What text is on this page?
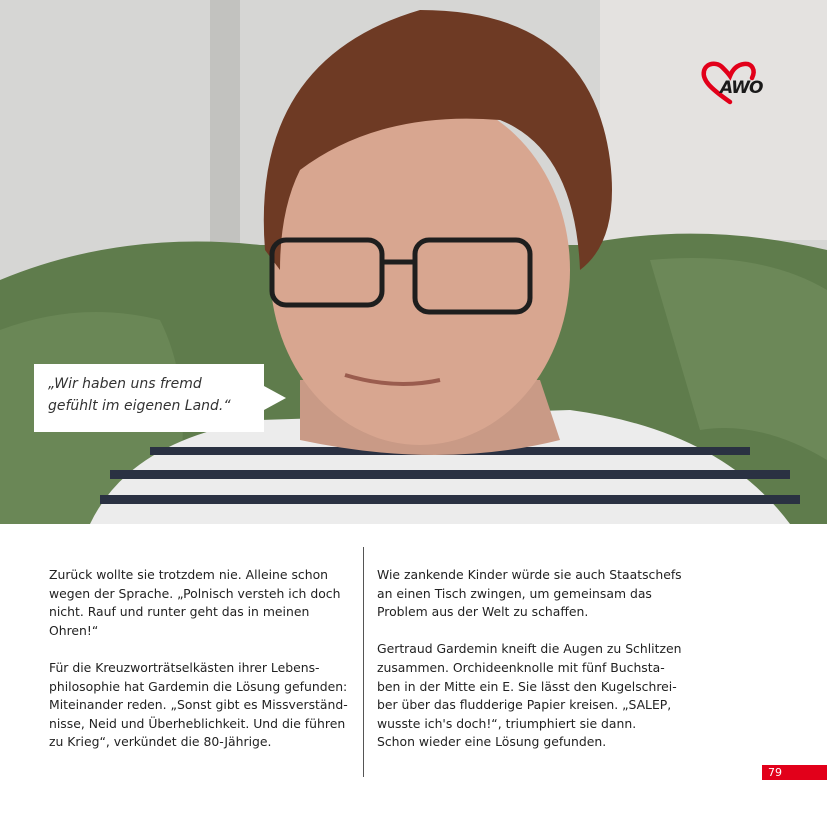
AWO
„Wir haben uns fremd
gefühlt im eigenen Land.“

Zurück wollte sie trotzdem nie. Alleine schon
wegen der Sprache. „Polnisch versteh ich doch
nicht. Rauf und runter geht das in meinen
Ohren!“

Für die Kreuzworträtselkästen ihrer Lebens-
philosophie hat Gardemin die Lösung gefunden:
Miteinander reden. „Sonst gibt es Missverständ-
nisse, Neid und Überheblichkeit. Und die führen
zu Krieg“, verkündet die 80-Jährige.

Wie zankende Kinder würde sie auch Staatschefs
an einen Tisch zwingen, um gemeinsam das
Problem aus der Welt zu schaffen.

Gertraud Gardemin kneift die Augen zu Schlitzen
zusammen. Orchideenknolle mit fünf Buchsta-
ben in der Mitte ein E. Sie lässt den Kugelschrei-
ber über das fludderige Papier kreisen. „SALEP,
wusste ich's doch!“, triumphiert sie dann.
Schon wieder eine Lösung gefunden.

79
